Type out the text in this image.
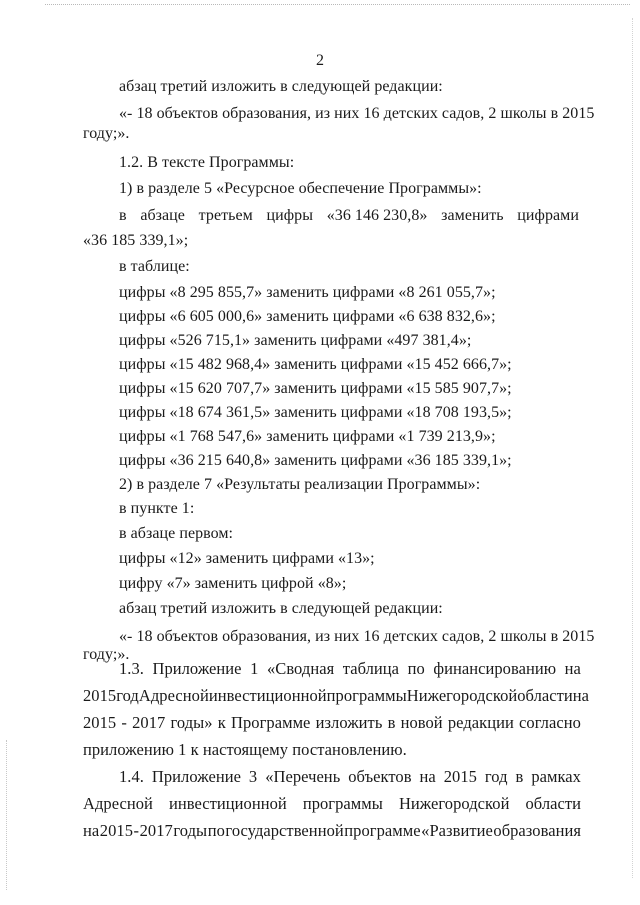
2
абзац третий изложить в следующей редакции:
«- 18 объектов образования, из них 16 детских садов, 2 школы в 2015
году;».
1.2. В тексте Программы:
1) в разделе 5 «Ресурсное обеспечение Программы»:
в абзаце третьем цифры «36 146 230,8» заменить цифрами
«36 185 339,1»;
в таблице:
цифры «8 295 855,7» заменить цифрами «8 261 055,7»;
цифры «6 605 000,6» заменить цифрами «6 638 832,6»;
цифры «526 715,1» заменить цифрами «497 381,4»;
цифры «15 482 968,4» заменить цифрами «15 452 666,7»;
цифры «15 620 707,7» заменить цифрами «15 585 907,7»;
цифры «18 674 361,5» заменить цифрами «18 708 193,5»;
цифры «1 768 547,6» заменить цифрами «1 739 213,9»;
цифры «36 215 640,8» заменить цифрами «36 185 339,1»;
2) в разделе 7 «Результаты реализации Программы»:
в пункте 1:
в абзаце первом:
цифры «12» заменить цифрами «13»;
цифру «7» заменить цифрой «8»;
абзац третий изложить в следующей редакции:
«- 18 объектов образования, из них 16 детских садов, 2 школы в 2015
году;».
1.3. Приложение 1 «Сводная таблица по финансированию на
2015 год Адресной инвестиционной программы Нижегородской области на
2015 - 2017 годы» к Программе изложить в новой редакции согласно
приложению 1 к настоящему постановлению.
1.4. Приложение 3 «Перечень объектов на 2015 год в рамках
Адресной инвестиционной программы Нижегородской области
на 2015 - 2017 годы по государственной программе «Развитие образования
